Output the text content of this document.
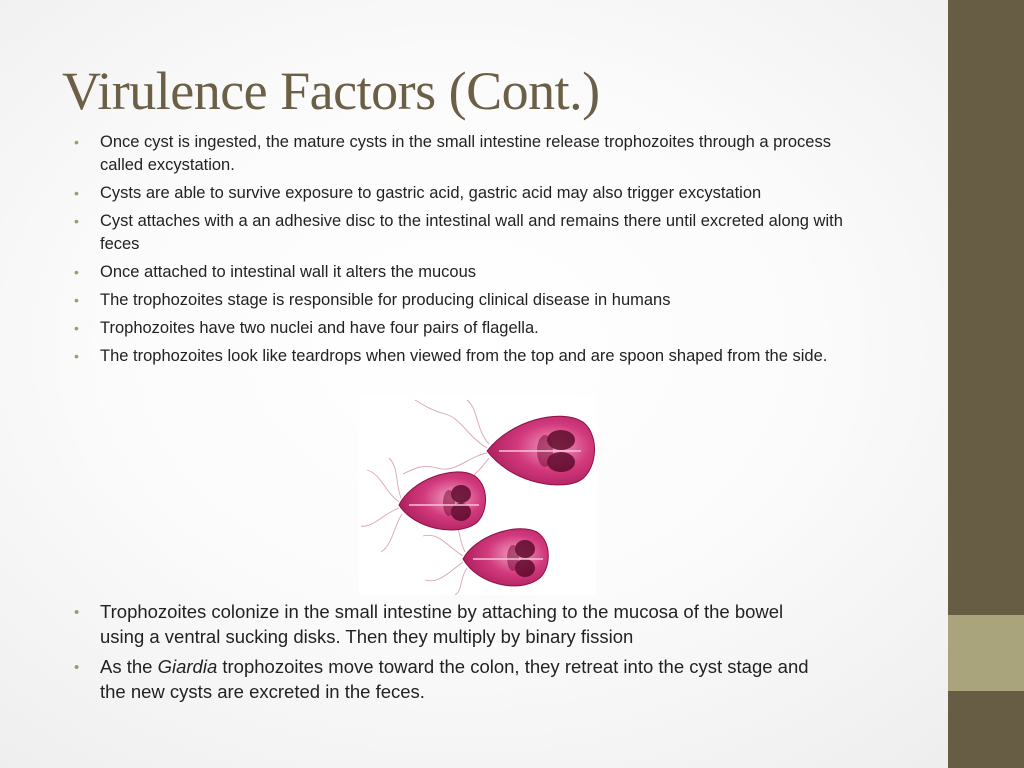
Virulence Factors (Cont.)
• Once cyst is ingested, the mature cysts in the small intestine release trophozoites through a process called excystation.
• Cysts are able to survive exposure to gastric acid, gastric acid may also trigger excystation
• Cyst attaches with a an adhesive disc to the intestinal wall and remains there until excreted along with feces
• Once attached to intestinal wall it alters the mucous
• The trophozoites stage is responsible for producing clinical disease in humans
• Trophozoites have two nuclei and have four pairs of flagella.
• The trophozoites look like teardrops when viewed from the top and are spoon shaped from the side.
• Trophozoites colonize in the small intestine by attaching to the mucosa of the bowel using a ventral sucking disks. Then they multiply by binary fission
• As the Giardia trophozoites move toward the colon, they retreat into the cyst stage and the new cysts are excreted in the feces.
